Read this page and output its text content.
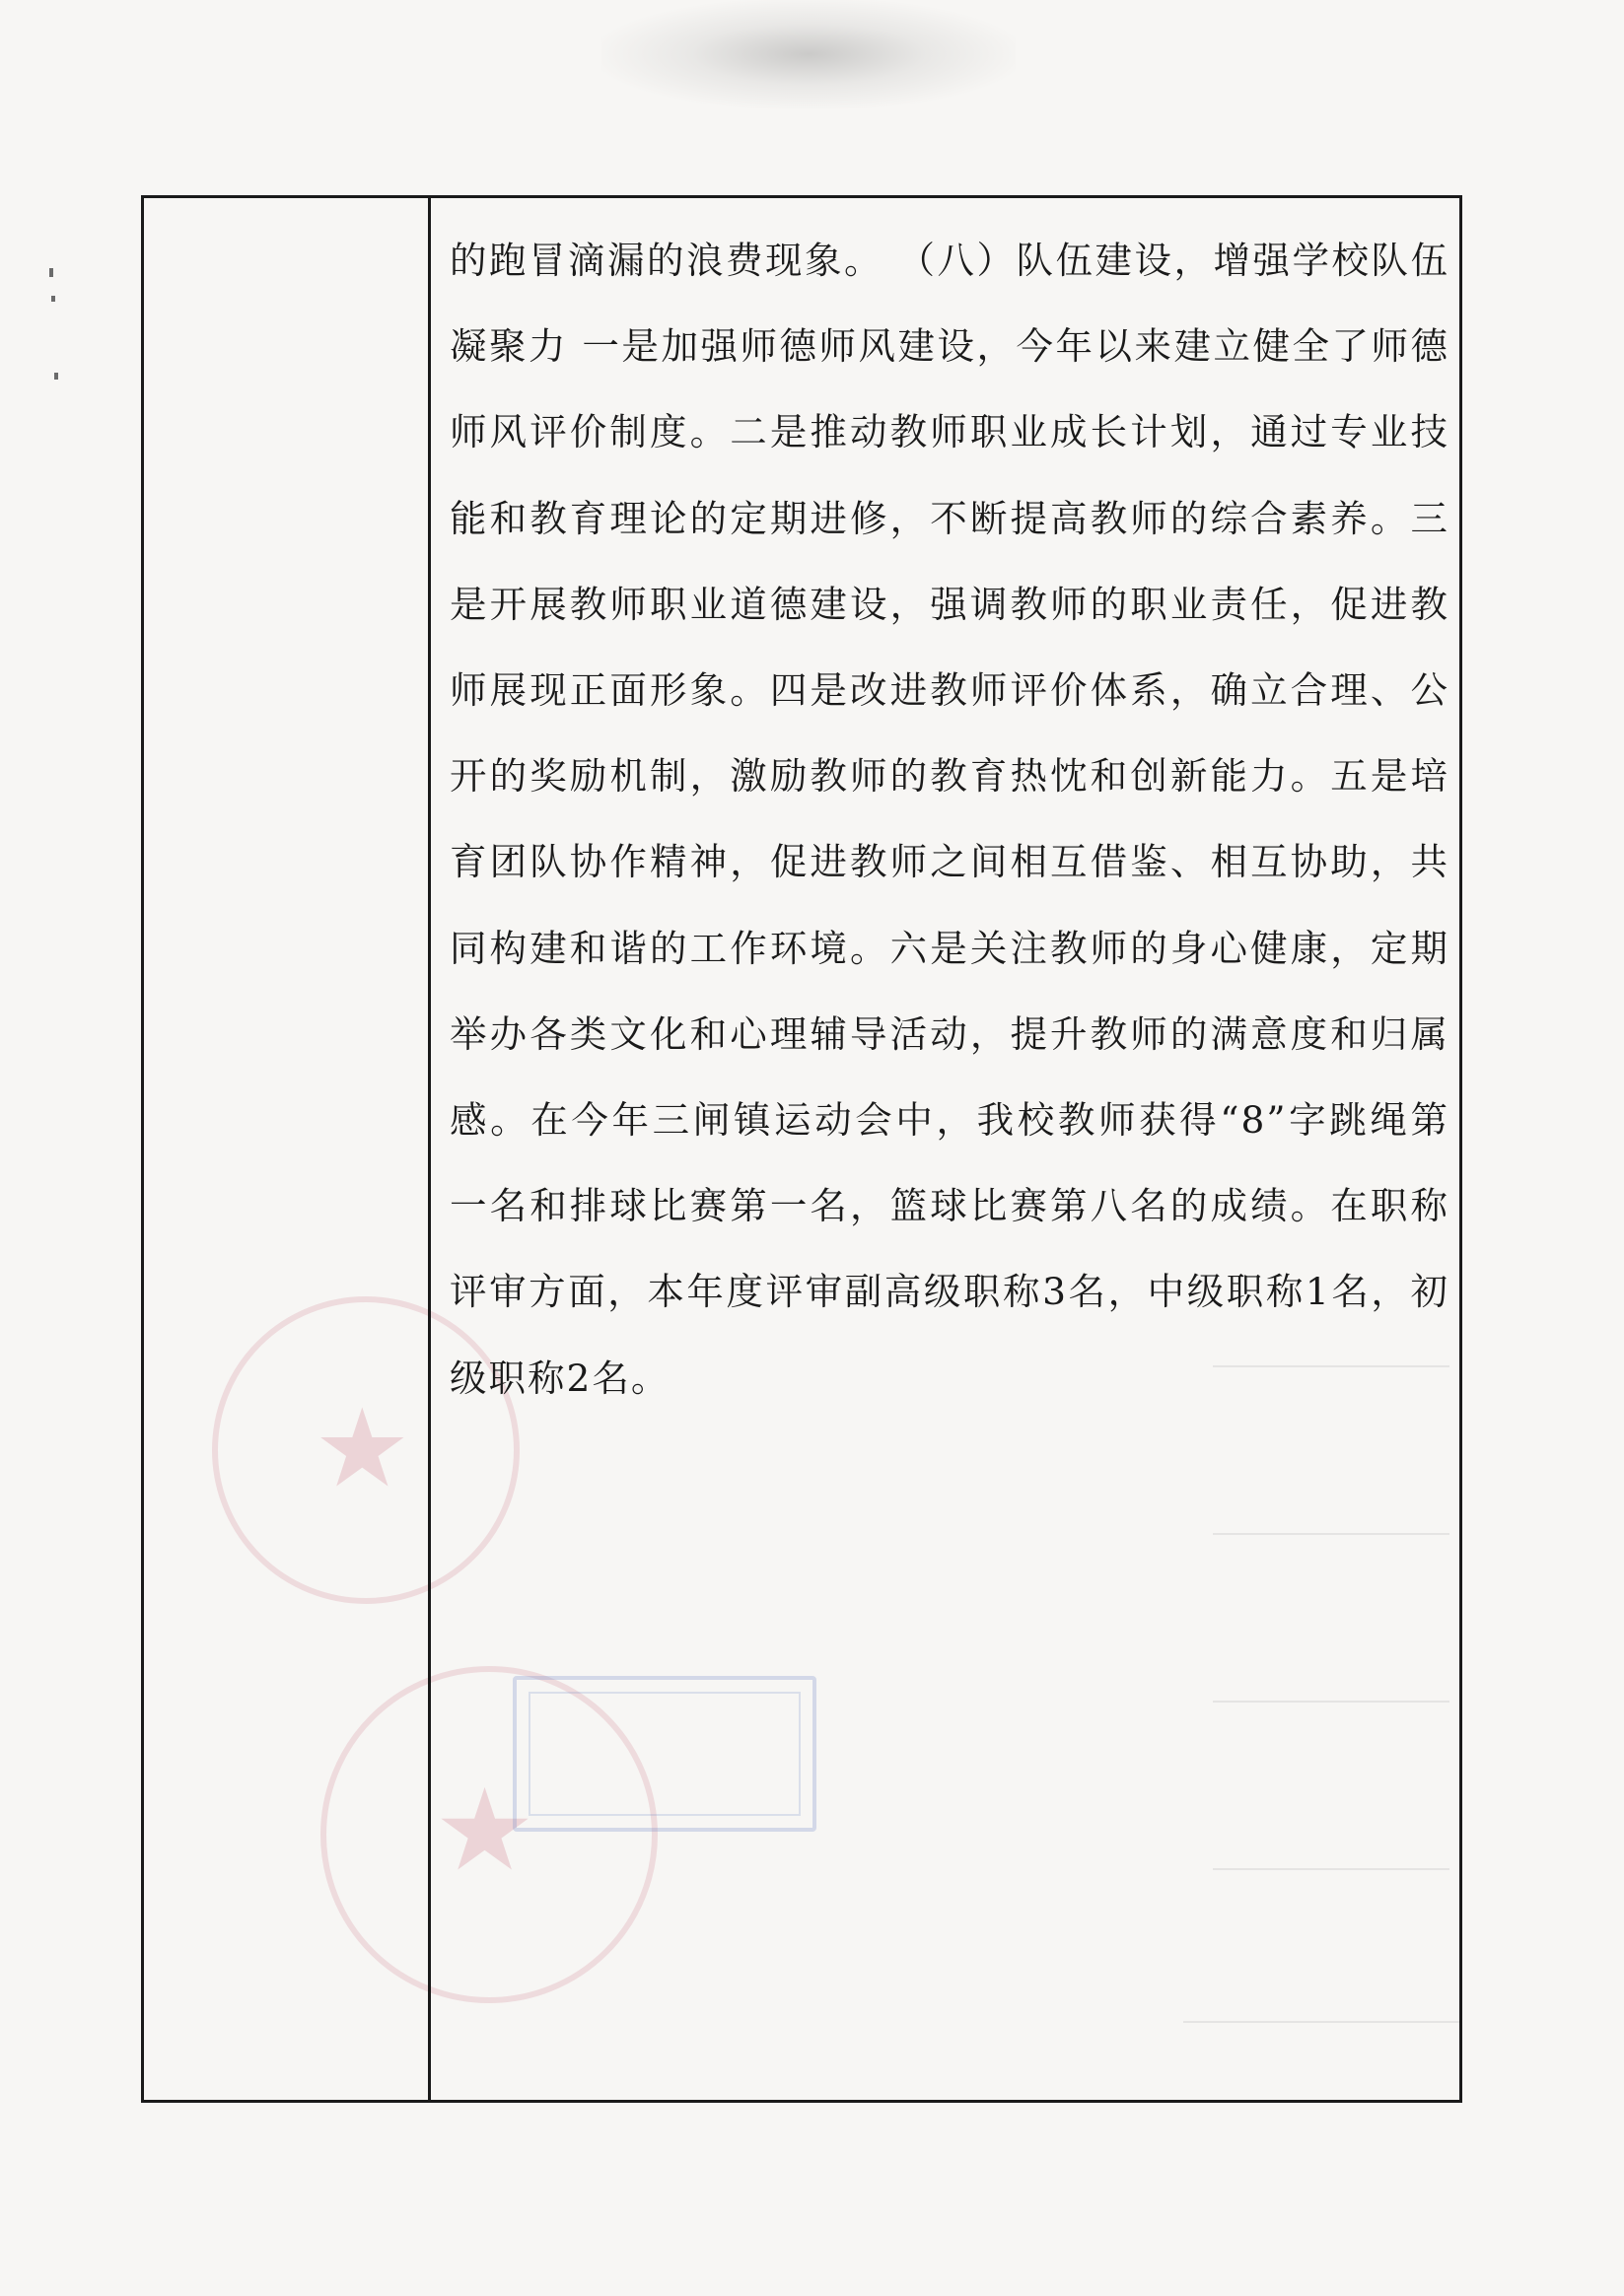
★
★

的跑冒滴漏的浪费现象。 （八）队伍建设，增强学校队伍凝聚力 一是加强师德师风建设，今年以来建立健全了师德师风评价制度。二是推动教师职业成长计划，通过专业技能和教育理论的定期进修，不断提高教师的综合素养。三是开展教师职业道德建设，强调教师的职业责任，促进教师展现正面形象。四是改进教师评价体系，确立合理、公开的奖励机制，激励教师的教育热忱和创新能力。五是培育团队协作精神，促进教师之间相互借鉴、相互协助，共同构建和谐的工作环境。六是关注教师的身心健康，定期举办各类文化和心理辅导活动，提升教师的满意度和归属感。在今年三闸镇运动会中，我校教师获得“8”字跳绳第一名和排球比赛第一名，篮球比赛第八名的成绩。在职称评审方面，本年度评审副高级职称3名，中级职称1名，初级职称2名。
